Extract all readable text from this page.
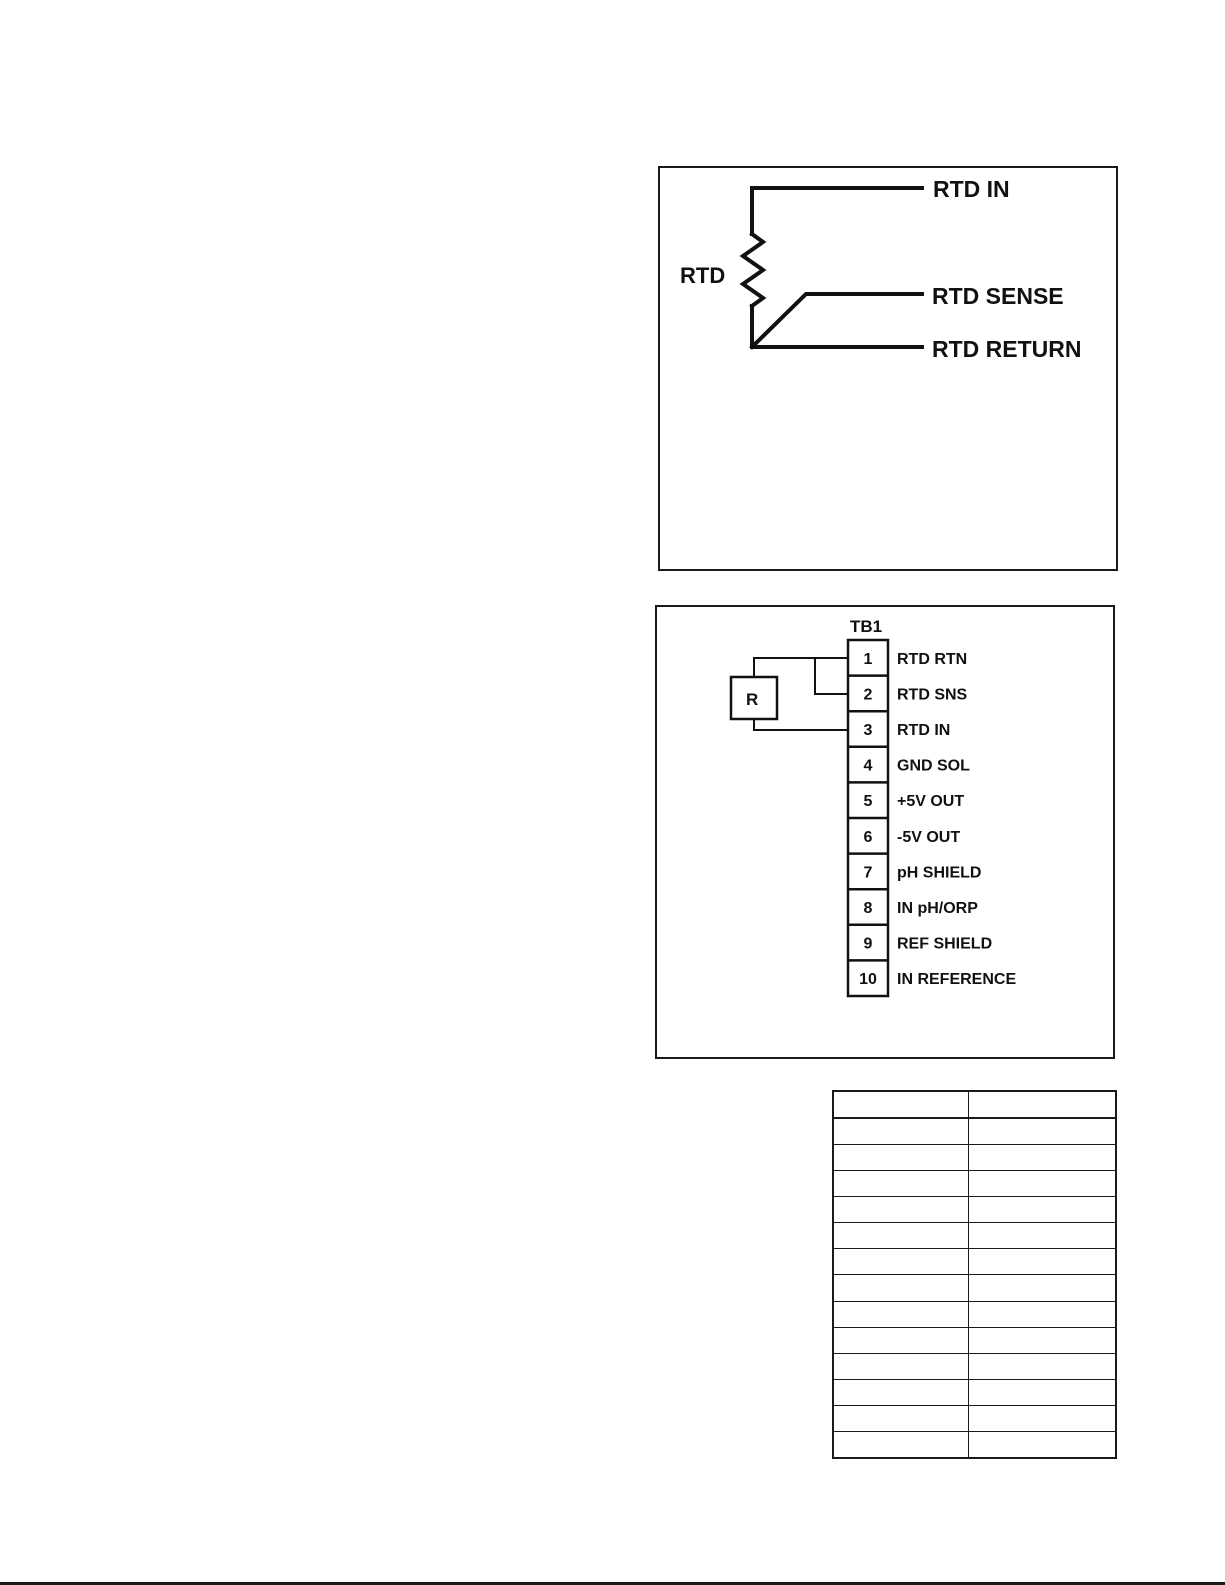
RTD
RTD IN
RTD SENSE
RTD RETURN
TB1
R
1 RTD RTN
2 RTD SNS
3 RTD IN
4 GND SOL
5 +5V OUT
6 -5V OUT
7 pH SHIELD
8 IN pH/ORP
9 REF SHIELD
10 IN REFERENCE
